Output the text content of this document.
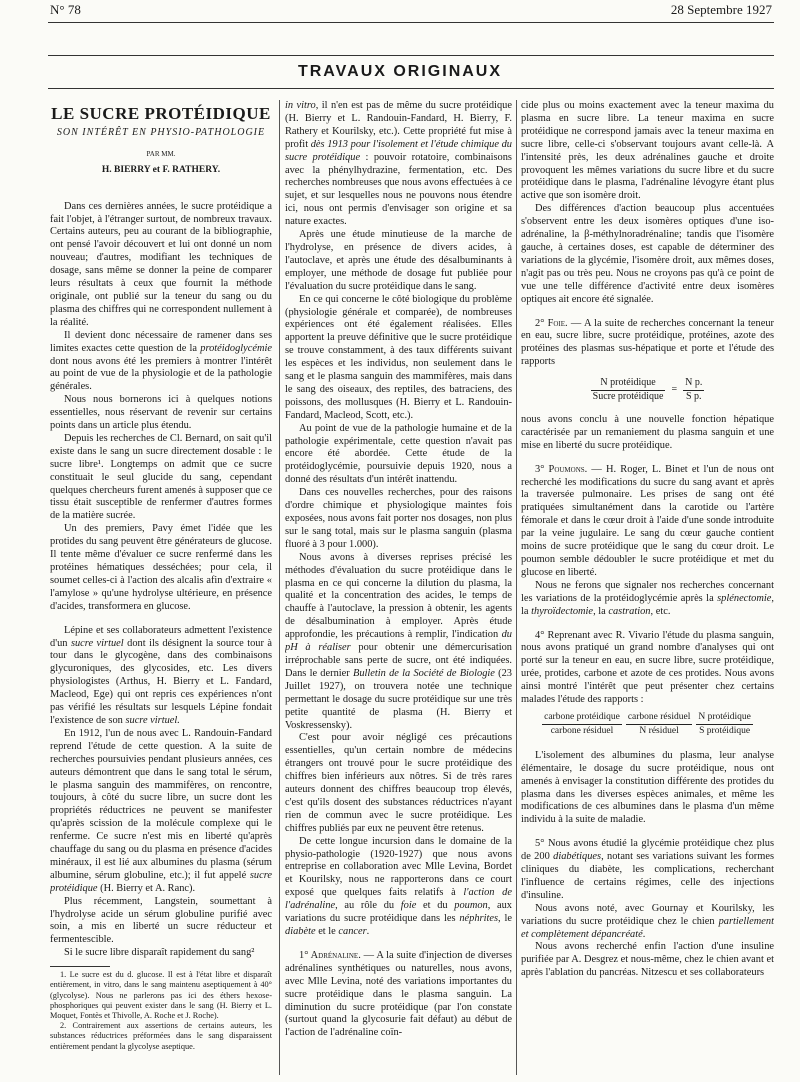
N° 78	28 Septembre 1927
TRAVAUX ORIGINAUX
LE SUCRE PROTÉIDIQUE
SON INTÉRÊT EN PHYSIO-PATHOLOGIE
PAR MM.
H. BIERRY et F. RATHERY.

Dans ces dernières années, le sucre protéidique a fait l'objet, à l'étranger surtout, de nombreux travaux. Certains auteurs, peu au courant de la bibliographie, ont pensé l'avoir découvert et lui ont donné un nom nouveau; d'autres, modifiant les techniques de dosage, sans même se donner la peine de comparer leurs résultats à ceux que fournit la méthode originale, ont publié sur la teneur du sang ou du plasma des chiffres qui ne correspondent nullement à la réalité.

Il devient donc nécessaire de ramener dans ses limites exactes cette question de la protéidoglycémie dont nous avons été les premiers à montrer l'intérêt au point de vue de la physiologie et de la pathologie générales.

Nous nous bornerons ici à quelques notions essentielles, nous réservant de revenir sur certains points dans un article plus étendu.

Depuis les recherches de Cl. Bernard, on sait qu'il existe dans le sang un sucre directement dosable : le sucre libre¹. Longtemps on admit que ce sucre constituait le seul glucide du sang, cependant quelques chercheurs furent amenés à supposer que ce tissu était susceptible de renfermer d'autres formes de la matière sucrée.

Un des premiers, Pavy émet l'idée que les protides du sang peuvent être générateurs de glucose. Il tente même d'évaluer ce sucre renfermé dans les protéines hématiques desséchées; pour cela, il soumet celles-ci à l'action des alcalis afin d'extraire « l'amylose » qu'une hydrolyse ultérieure, en présence d'acides, transformera en glucose.

Lépine et ses collaborateurs admettent l'existence d'un sucre virtuel dont ils désignent la source tour à tour dans le glycogène, dans des combinaisons glycuroniques, des glycosides, etc. Les divers physiologistes (Arthus, H. Bierry et L. Fandard, Macleod, Ege) qui ont repris ces expériences n'ont pas vérifié les résultats sur lesquels Lépine fondait l'existence de son sucre virtuel.

En 1912, l'un de nous avec L. Randouin-Fandard reprend l'étude de cette question. A la suite de recherches poursuivies pendant plusieurs années, ces auteurs démontrent que dans le sang total le sérum, le plasma sanguin des mammifères, on rencontre, toujours, à côté du sucre libre, un sucre dont les propriétés réductrices ne peuvent se manifester qu'après scission de la molécule complexe qui le renferme. Ce sucre n'est mis en liberté qu'après chauffage du sang ou du plasma en présence d'acides minéraux, il est lié aux albumines du plasma (sérum albumine, sérum globuline, etc.); il fut appelé sucre protéidique (H. Bierry et A. Ranc).

Plus récemment, Langstein, soumettant à l'hydrolyse acide un sérum globuline purifié avec soin, a mis en liberté un sucre réducteur et fermentescible.

Si le sucre libre disparaît rapidement du sang²

1. Le sucre est du d. glucose. Il est à l'état libre et disparaît entièrement, in vitro, dans le sang maintenu aseptiquement à 40° (glycolyse). Nous ne parlerons pas ici des éthers hexose-phosphoriques qui peuvent exister dans le sang (H. Bierry et L. Moquet, Fontès et Thivolle, A. Roche et J. Roche).

2. Contrairement aux assertions de certains auteurs, les substances réductrices préformées dans le sang disparaissent entièrement pendant la glycolyse aseptique.

in vitro, il n'en est pas de même du sucre protéidique (H. Bierry et L. Randouin-Fandard, H. Bierry, F. Rathery et Kourilsky, etc.). Cette propriété fut mise à profit dès 1913 pour l'isolement et l'étude chimique du sucre protéidique : pouvoir rotatoire, combinaisons avec la phénylhydrazine, fermentation, etc. Des recherches nombreuses que nous avons effectuées à ce sujet, et sur lesquelles nous ne pouvons nous étendre ici, nous ont permis d'envisager son origine et sa nature exactes.

Après une étude minutieuse de la marche de l'hydrolyse, en présence de divers acides, à l'autoclave, et après une étude des désalbuminants à employer, une méthode de dosage fut publiée pour l'évaluation du sucre protéidique dans le sang.

En ce qui concerne le côté biologique du problème (physiologie générale et comparée), de nombreuses expériences ont été également réalisées. Elles apportent la preuve définitive que le sucre protéidique se trouve constamment, à des taux différents suivant les espèces et les individus, non seulement dans le sang et le plasma sanguin des mammifères, mais dans le sang des oiseaux, des reptiles, des batraciens, des poissons, des mollusques (H. Bierry et L. Randouin-Fandard, Macleod, Scott, etc.).

Au point de vue de la pathologie humaine et de la pathologie expérimentale, cette question n'avait pas encore été abordée. Cette étude de la protéidoglycémie, poursuivie depuis 1920, nous a donné des résultats d'un intérêt inattendu.

Dans ces nouvelles recherches, pour des raisons d'ordre chimique et physiologique maintes fois exposées, nous avons fait porter nos dosages, non plus sur le sang total, mais sur le plasma sanguin (plasma fluoré à 3 pour 1.000).

Nous avons à diverses reprises précisé les méthodes d'évaluation du sucre protéidique dans le plasma en ce qui concerne la dilution du plasma, la qualité et la concentration des acides, le temps de chauffe à l'autoclave, la pression à obtenir, les agents de désalbumination à employer. Après étude approfondie, les précautions à remplir, l'indication du pH à réaliser pour obtenir une démercurisation irréprochable sans perte de sucre, ont été indiquées. Dans le dernier Bulletin de la Société de Biologie (23 Juillet 1927), on trouvera notée une technique permettant le dosage du sucre protéidique sur une très petite quantité de plasma (H. Bierry et Voskressensky).

C'est pour avoir négligé ces précautions essentielles, qu'un certain nombre de médecins étrangers ont trouvé pour le sucre protéidique des chiffres bien inférieurs aux nôtres. Si de très rares auteurs donnent des chiffres beaucoup trop élevés, c'est qu'ils dosent des substances réductrices n'ayant rien de commun avec le sucre protéidique. Les chiffres publiés par eux ne peuvent être retenus.

De cette longue incursion dans le domaine de la physio-pathologie (1920-1927) que nous avons entreprise en collaboration avec Mlle Levina, Bordet et Kourilsky, nous ne rapporterons dans ce court exposé que quelques faits relatifs à l'action de l'adrénaline, au rôle du foie et du poumon, aux variations du sucre protéidique dans les néphrites, le diabète et le cancer.

1° Adrénaline. — A la suite d'injection de diverses adrénalines synthétiques ou naturelles, nous avons, avec Mlle Levina, noté des variations importantes du sucre protéidique dans le plasma sanguin. La diminution du sucre protéidique (par l'on constate (surtout quand la glycosurie fait défaut) au début de l'action de l'adrénaline coïn-

cide plus ou moins exactement avec la teneur maxima du plasma en sucre libre. La teneur maxima en sucre protéidique ne correspond jamais avec la teneur maxima en sucre libre, celle-ci s'observant toujours avant celle-là. A l'intensité près, les deux adrénalines gauche et droite provoquent les mêmes variations du sucre libre et du sucre protéidique dans le plasma, l'adrénaline lévogyre étant plus active que son isomère droit.

Des différences d'action beaucoup plus accentuées s'observent entre les deux isomères optiques d'une iso-adrénaline, la β-méthylnoradrénaline; tandis que l'isomère gauche, à certaines doses, est capable de déterminer des variations de la glycémie, l'isomère droit, aux mêmes doses, n'agit pas ou très peu. Nous ne croyons pas qu'à ce point de vue une telle différence d'activité entre deux isomères optiques ait encore été signalée.

2° Foie. — A la suite de recherches concernant la teneur en eau, sucre libre, sucre protéidique, protéines, azote des protéines des plasmas sus-hépatique et porte et l'étude des rapports

$\frac{\text{N protéidique}}{\text{Sucre protéidique}} = \frac{\text{N p.}}{\text{S p.}}$

nous avons conclu à une nouvelle fonction hépatique caractérisée par un remaniement du plasma sanguin et une mise en liberté du sucre protéidique.

3° Poumons. — H. Roger, L. Binet et l'un de nous ont recherché les modifications du sucre du sang avant et après la traversée pulmonaire. Les prises de sang ont été pratiquées simultanément dans la carotide ou l'artère fémorale et dans le cœur droit à l'aide d'une sonde introduite par la veine jugulaire. Le sang du cœur gauche contient moins de sucre protéidique que le sang du cœur droit. Le poumon semble dédoubler le sucre protéidique et met du glucose en liberté.

Nous ne ferons que signaler nos recherches concernant les variations de la protéidoglycémie après la splénectomie, la thyroïdectomie, la castration, etc.

4° Reprenant avec R. Vivario l'étude du plasma sanguin, nous avons pratiqué un grand nombre d'analyses qui ont porté sur la teneur en eau, en sucre libre, sucre protéidique, urée, protides, carbone et azote de ces protides. Nous avons ainsi montré l'intérêt que peut présenter chez certains malades l'étude des rapports :

$\frac{\text{carbone protéidique}}{\text{carbone résiduel}} \frac{\text{carbone résiduel}}{\text{N résiduel}} \frac{\text{N protéidique}}{\text{S protéidique}}$

L'isolement des albumines du plasma, leur analyse élémentaire, le dosage du sucre protéidique, nous ont amenés à envisager la constitution différente des protides du plasma dans les diverses espèces animales, et même les modifications de ces albumines dans le plasma d'un même individu à la suite de maladie.

5° Nous avons étudié la glycémie protéidique chez plus de 200 diabétiques, notant ses variations suivant les formes cliniques du diabète, les complications, recherchant l'influence de certains régimes, celle des injections d'insuline.

Nous avons noté, avec Gournay et Kourilsky, les variations du sucre protéidique chez le chien partiellement et complètement dépancréaté.

Nous avons recherché enfin l'action d'une insuline purifiée par A. Desgrez et nous-même, chez le chien avant et après l'ablation du pancréas. Nitzescu et ses collaborateurs
